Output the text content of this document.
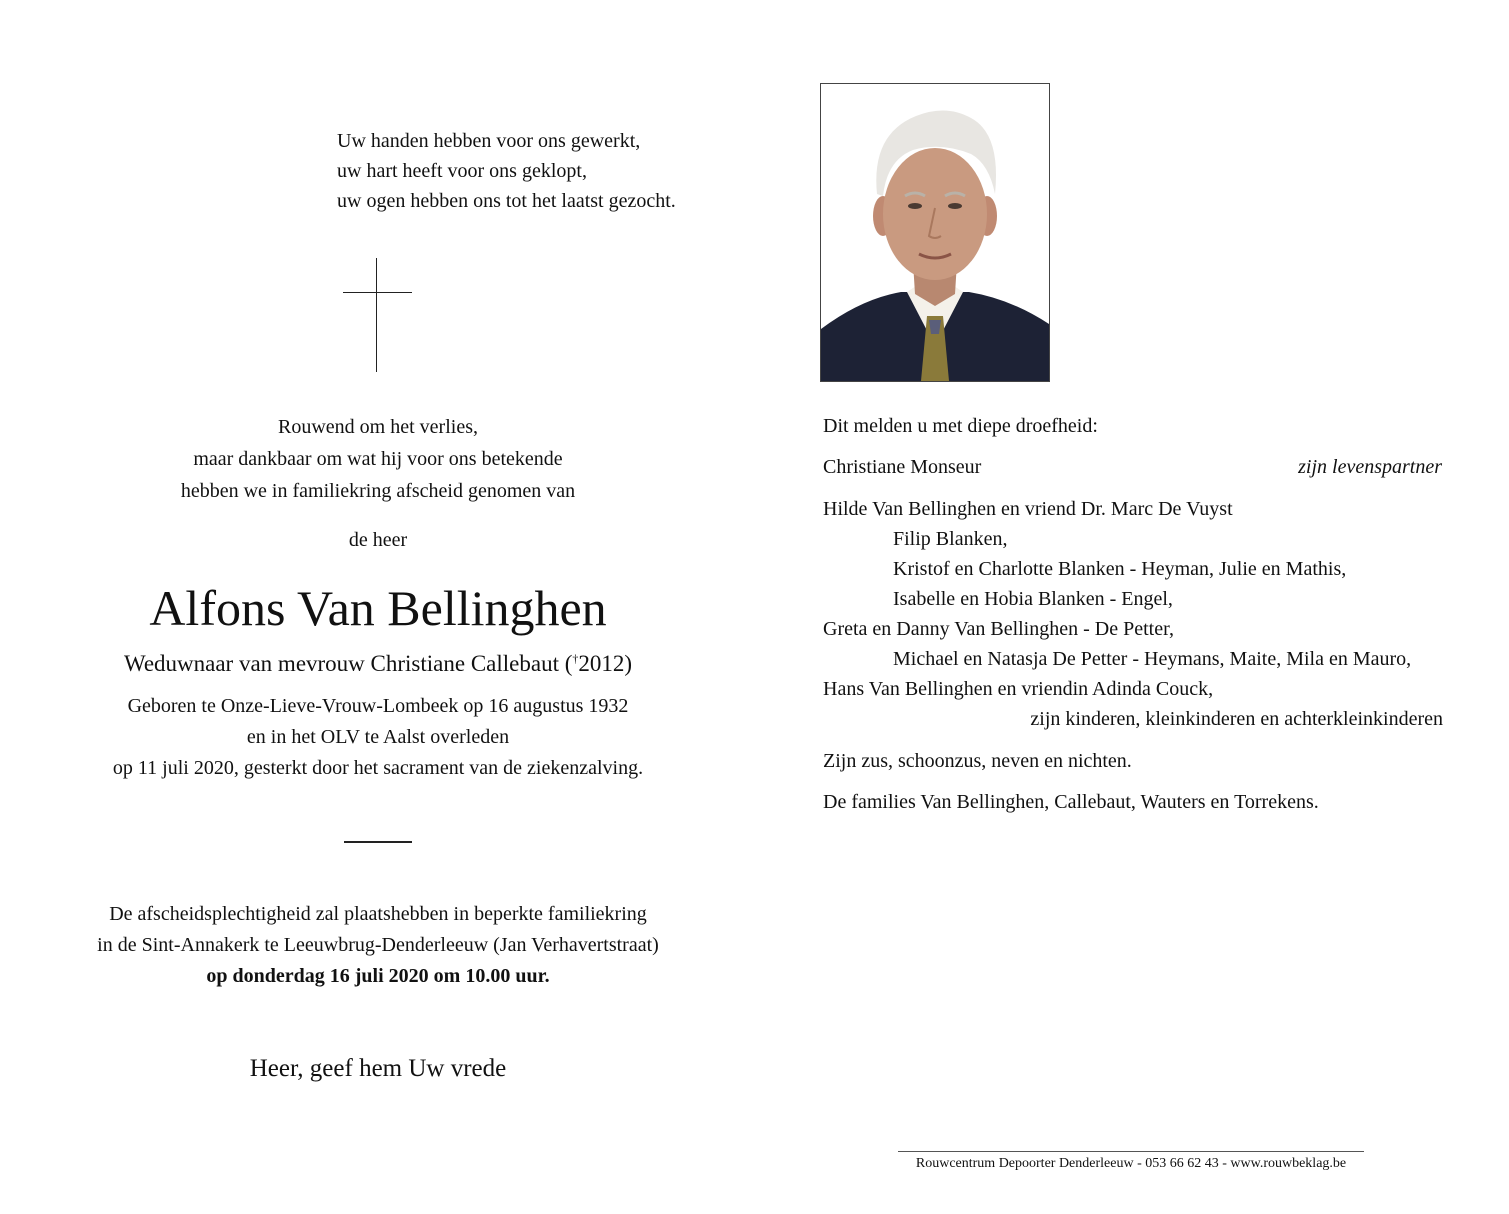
Uw handen hebben voor ons gewerkt,
uw hart heeft voor ons geklopt,
uw ogen hebben ons tot het laatst gezocht.
Rouwend om het verlies,
maar dankbaar om wat hij voor ons betekende
hebben we in familiekring afscheid genomen van
de heer
Alfons Van Bellinghen
Weduwnaar van mevrouw Christiane Callebaut (†2012)
Geboren te Onze-Lieve-Vrouw-Lombeek op 16 augustus 1932
en in het OLV te Aalst overleden
op 11 juli 2020, gesterkt door het sacrament van de ziekenzalving.
De afscheidsplechtigheid zal plaatshebben in beperkte familiekring
in de Sint-Annakerk te Leeuwbrug-Denderleeuw (Jan Verhavertstraat)
op donderdag 16 juli 2020 om 10.00 uur.
Heer, geef hem Uw vrede
Dit melden u met diepe droefheid:
Christiane Monseur	zijn levenspartner
Hilde Van Bellinghen en vriend Dr. Marc De Vuyst
Filip Blanken,
Kristof en Charlotte Blanken - Heyman, Julie en Mathis,
Isabelle en Hobia Blanken - Engel,
Greta en Danny Van Bellinghen - De Petter,
Michael en Natasja De Petter - Heymans, Maite, Mila en Mauro,
Hans Van Bellinghen en vriendin Adinda Couck,
zijn kinderen, kleinkinderen en achterkleinkinderen
Zijn zus, schoonzus, neven en nichten.
De families Van Bellinghen, Callebaut, Wauters en Torrekens.
Rouwcentrum Depoorter Denderleeuw - 053 66 62 43 - www.rouwbeklag.be
